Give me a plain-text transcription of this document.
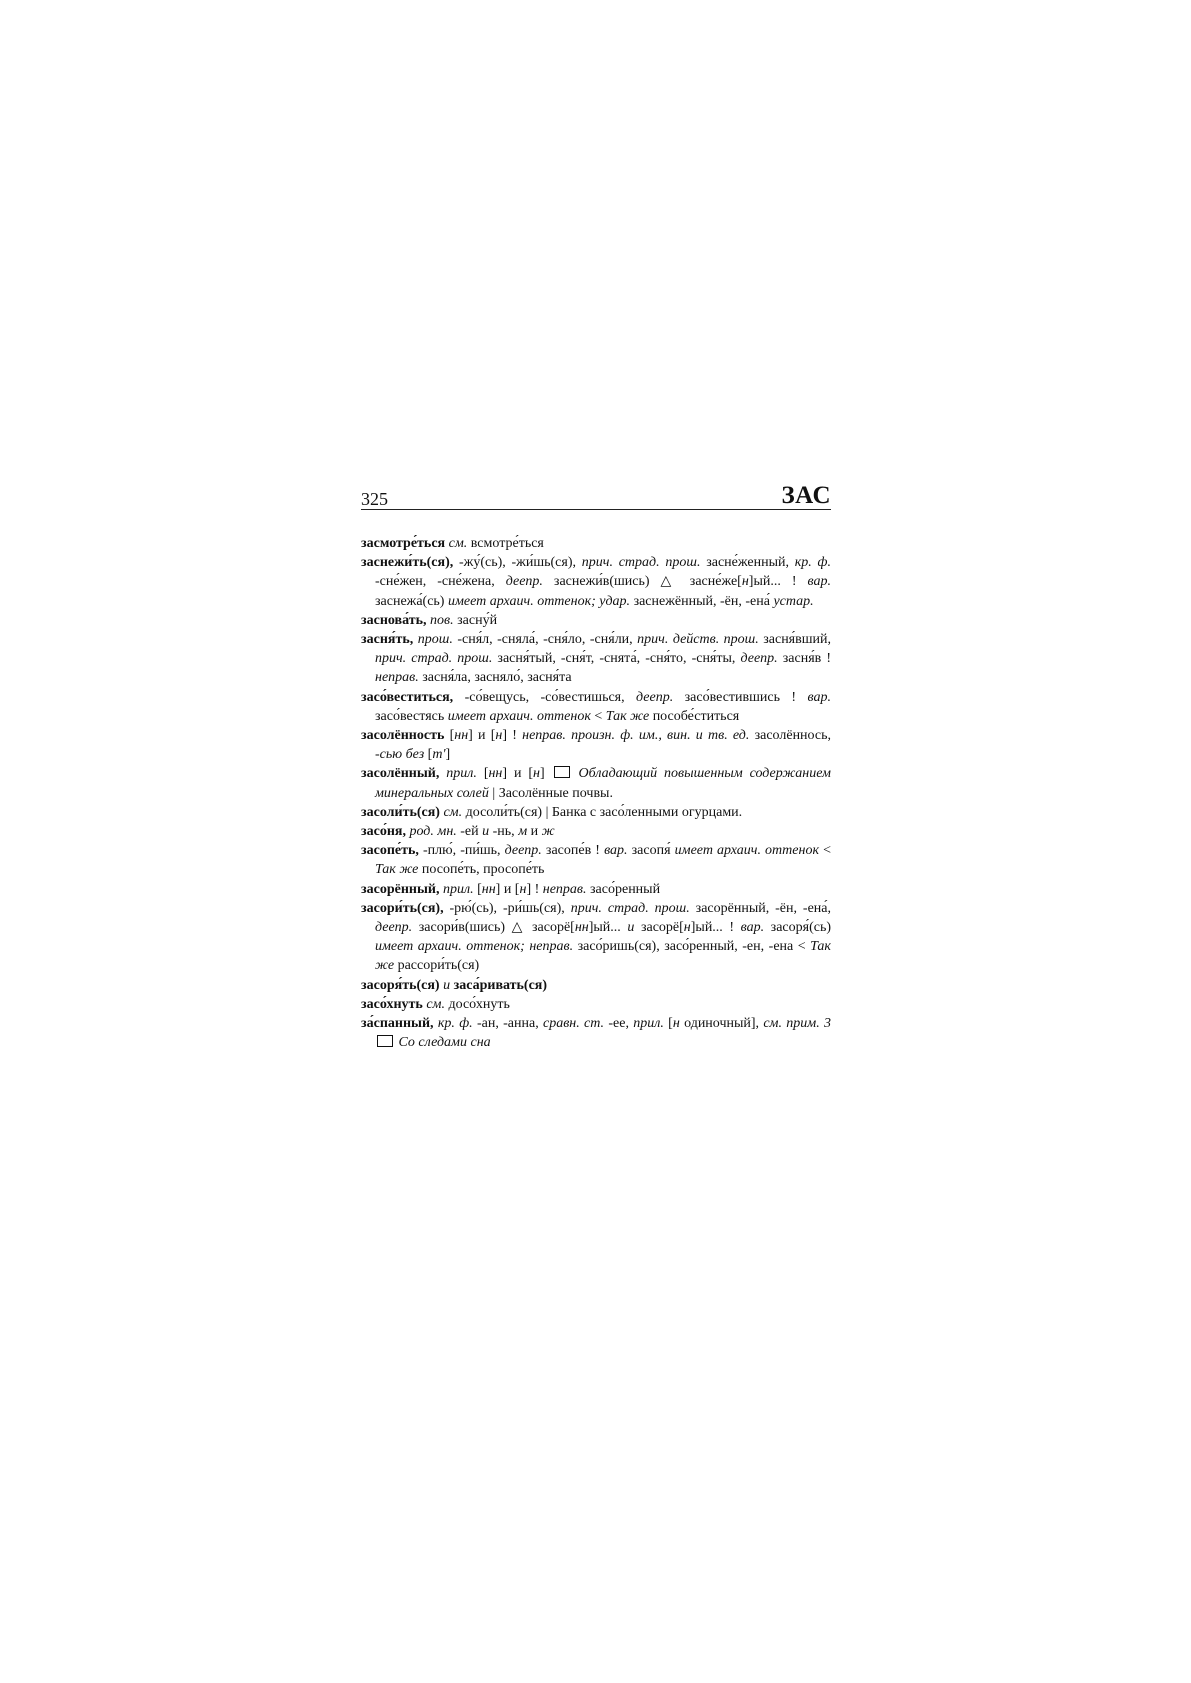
325	ЗАС

засмотре́ться см. всмотре́ться

заснежи́ть(ся), -жу́(сь), -жи́шь(ся), прич. страд. прош. засне́женный, кр. ф. -сне́жен, -сне́жена, деепр. заснежи́в(шись) △ засне́же[н]ый... ! вар. заснежа́(сь) имеет архаич. оттенок; удар. заснежённый, -ён, -ена́ устар.

заснова́ть, пов. засну́й

засня́ть, прош. -сня́л, -сняла́, -сня́ло, -сня́ли, прич. действ. прош. засня́вший, прич. страд. прош. засня́тый, -сня́т, -снята́, -сня́то, -сня́ты, деепр. засня́в ! неправ. засня́ла, засняло́, засня́та

засо́веститься, -со́вещусь, -со́вестишься, деепр. засо́вестившись ! вар. засо́вестясь имеет архаич. оттенок < Так же пособе́ститься

засолённость [нн] и [н] ! неправ. произн. ф. им., вин. и тв. ед. засолённось, -сью без [т']

засолённый, прил. [нн] и [н]  Обладающий повышенным содержанием минеральных солей | Засолённые почвы.

засоли́ть(ся) см. досоли́ть(ся) | Банка с засо́ленными огурцами.

засо́ня, род. мн. -ей и -нь, м и ж

засопе́ть, -плю́, -пи́шь, деепр. засопе́в ! вар. засопя́ имеет архаич. оттенок < Так же посопе́ть, просопе́ть

засорённый, прил. [нн] и [н] ! неправ. засо́ренный

засори́ть(ся), -рю́(сь), -ри́шь(ся), прич. страд. прош. засорённый, -ён, -ена́, деепр. засори́в(шись) △ засорё[нн]ый... и засорё[н]ый... ! вар. засоря́(сь) имеет архаич. оттенок; неправ. засо́ришь(ся), засо́ренный, -ен, -ена < Так же рассори́ть(ся)

засоря́ть(ся) и заса́ривать(ся)

засо́хнуть см. досо́хнуть

за́спанный, кр. ф. -ан, -анна, сравн. ст. -ее, прил. [н одиночный], см. прим. 3  Со следами сна
